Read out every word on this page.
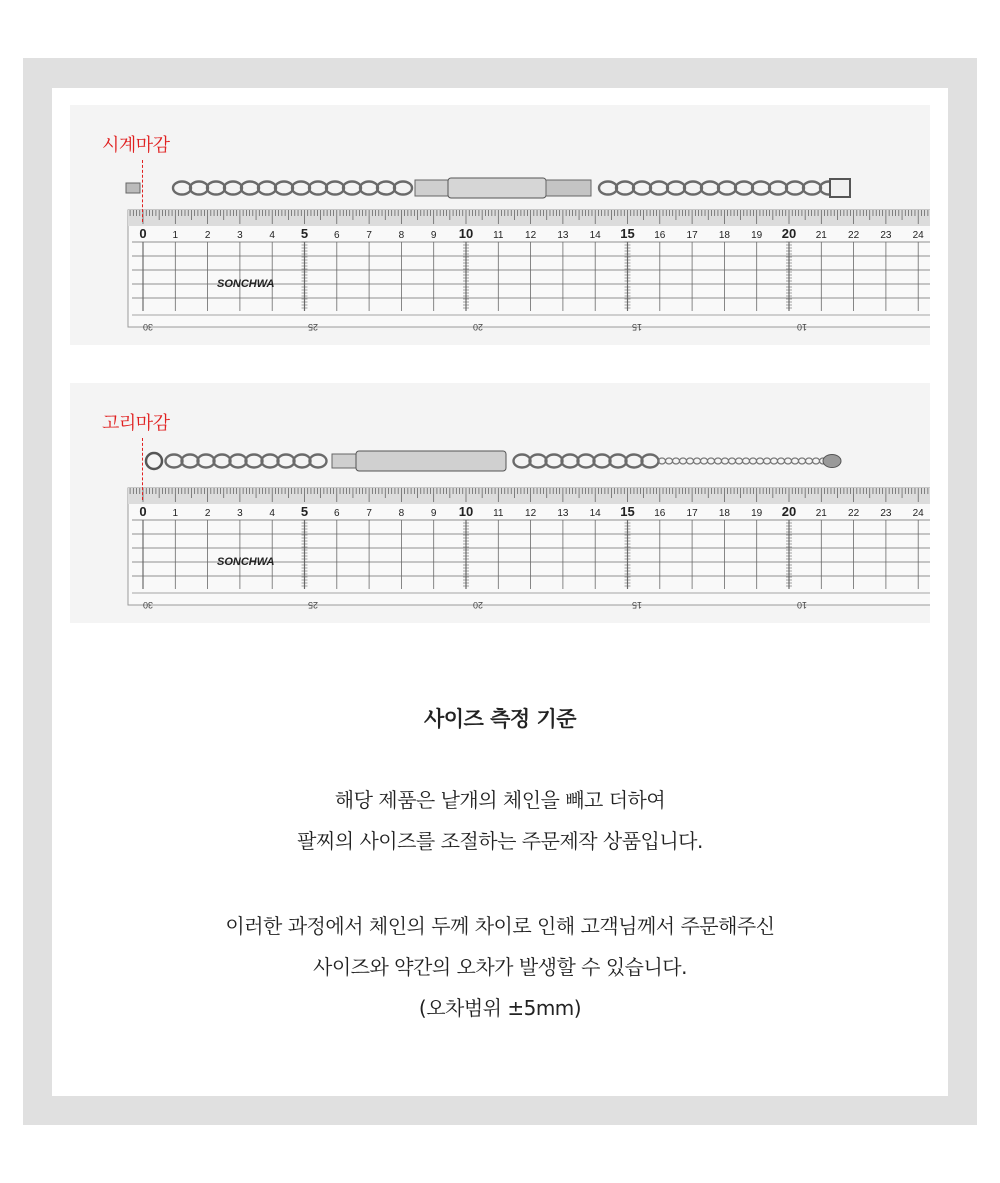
0	1	2	3	4 5	6	7	8	9 10 11 12 13 14 15 16 17 18 19 20 21 22 23 24
SONCHWA
30	25	20	15	10
시계마감
0	1	2	3	4 5	6	7	8	9 10 11 12 13 14 15 16 17 18 19 20 21 22 23 24
SONCHWA
30	25	20	15	10
고리마감
사이즈 측정 기준
해당 제품은 낱개의 체인을 빼고 더하여
팔찌의 사이즈를 조절하는 주문제작 상품입니다.
이러한 과정에서 체인의 두께 차이로 인해 고객님께서 주문해주신
사이즈와 약간의 오차가 발생할 수 있습니다.
(오차범위 ±5mm)
